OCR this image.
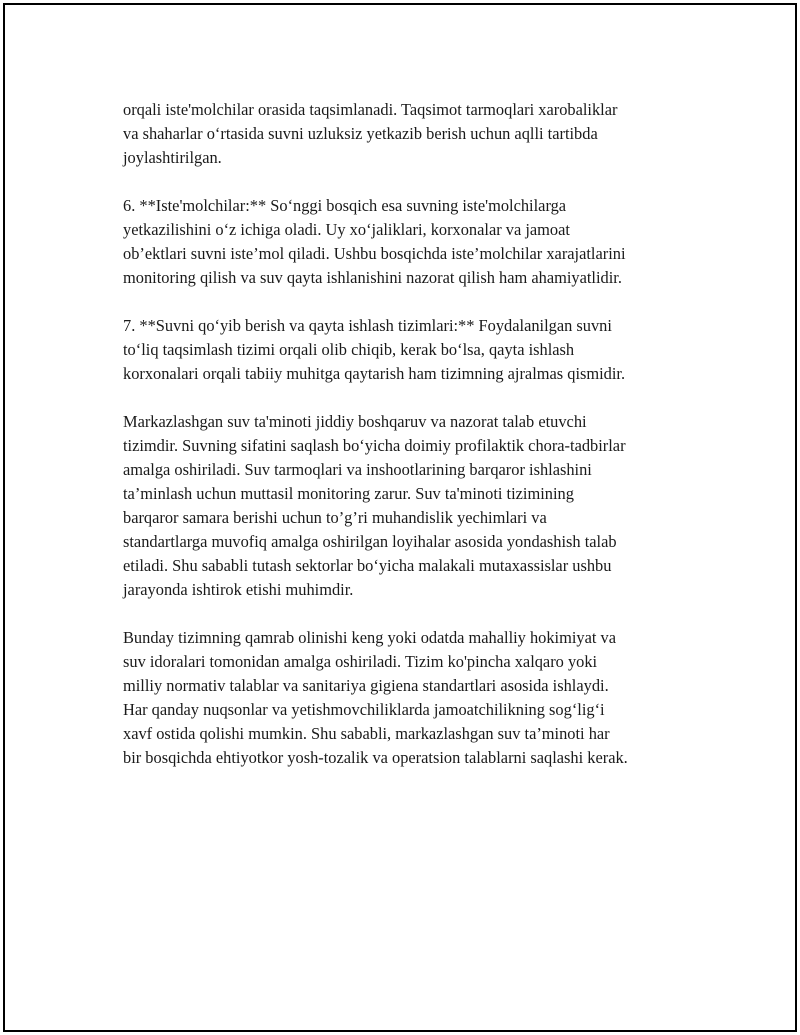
orqali iste'molchilar orasida taqsimlanadi. Taqsimot tarmoqlari xarobaliklar
va shaharlar o‘rtasida suvni uzluksiz yetkazib berish uchun aqlli tartibda
joylashtirilgan.

6. **Iste'molchilar:** So‘nggi bosqich esa suvning iste'molchilarga
yetkazilishini o‘z ichiga oladi. Uy xo‘jaliklari, korxonalar va jamoat
ob’ektlari suvni iste’mol qiladi. Ushbu bosqichda iste’molchilar xarajatlarini
monitoring qilish va suv qayta ishlanishini nazorat qilish ham ahamiyatlidir.

7. **Suvni qo‘yib berish va qayta ishlash tizimlari:** Foydalanilgan suvni
to‘liq taqsimlash tizimi orqali olib chiqib, kerak bo‘lsa, qayta ishlash
korxonalari orqali tabiiy muhitga qaytarish ham tizimning ajralmas qismidir.

Markazlashgan suv ta'minoti jiddiy boshqaruv va nazorat talab etuvchi
tizimdir. Suvning sifatini saqlash bo‘yicha doimiy profilaktik chora-tadbirlar
amalga oshiriladi. Suv tarmoqlari va inshootlarining barqaror ishlashini
ta’minlash uchun muttasil monitoring zarur. Suv ta'minoti tizimining
barqaror samara berishi uchun to’g’ri muhandislik yechimlari va
standartlarga muvofiq amalga oshirilgan loyihalar asosida yondashish talab
etiladi. Shu sababli tutash sektorlar bo‘yicha malakali mutaxassislar ushbu
jarayonda ishtirok etishi muhimdir.

Bunday tizimning qamrab olinishi keng yoki odatda mahalliy hokimiyat va
suv idoralari tomonidan amalga oshiriladi. Tizim ko'pincha xalqaro yoki
milliy normativ talablar va sanitariya gigiena standartlari asosida ishlaydi.
Har qanday nuqsonlar va yetishmovchiliklarda jamoatchilikning sog‘lig‘i
xavf ostida qolishi mumkin. Shu sababli, markazlashgan suv ta’minoti har
bir bosqichda ehtiyotkor yosh-tozalik va operatsion talablarni saqlashi kerak.
